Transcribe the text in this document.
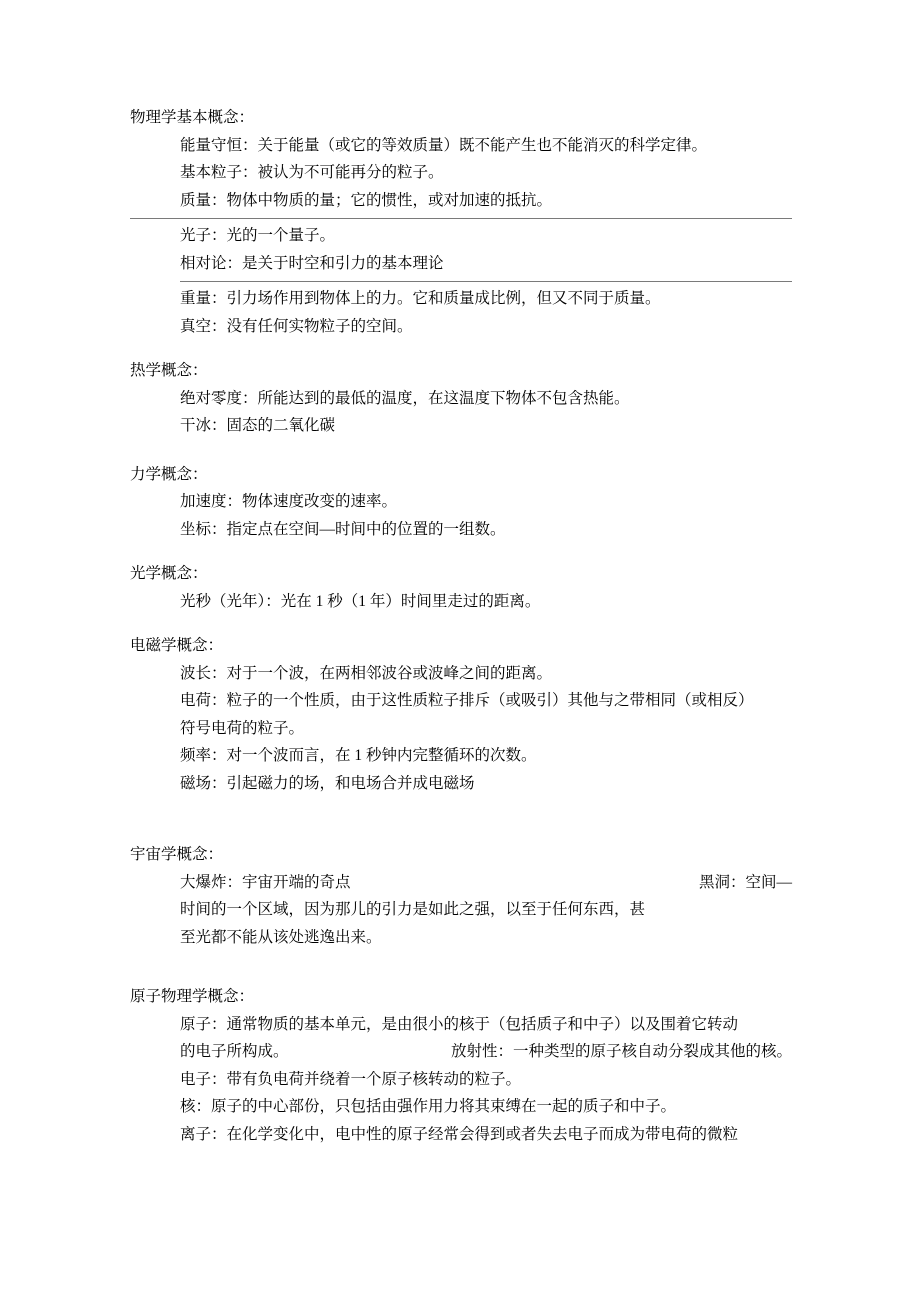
物理学基本概念：
能量守恒：关于能量（或它的等效质量）既不能产生也不能消灭的科学定律。
基本粒子：被认为不可能再分的粒子。
质量：物体中物质的量；它的惯性，或对加速的抵抗。
光子：光的一个量子。
相对论：是关于时空和引力的基本理论
重量：引力场作用到物体上的力。它和质量成比例，但又不同于质量。
真空：没有任何实物粒子的空间。
热学概念：
绝对零度：所能达到的最低的温度，在这温度下物体不包含热能。
干冰：固态的二氧化碳
力学概念：
加速度：物体速度改变的速率。
坐标：指定点在空间—时间中的位置的一组数。
光学概念：
光秒（光年）：光在 1 秒（1 年）时间里走过的距离。
电磁学概念：
波长：对于一个波，在两相邻波谷或波峰之间的距离。
电荷：粒子的一个性质，由于这性质粒子排斥（或吸引）其他与之带相同（或相反）
符号电荷的粒子。
频率：对一个波而言，在 1 秒钟内完整循环的次数。
磁场：引起磁力的场，和电场合并成电磁场
宇宙学概念：
大爆炸：宇宙开端的奇点	黑洞：空间—
时间的一个区域，因为那儿的引力是如此之强，以至于任何东西，甚
至光都不能从该处逃逸出来。
原子物理学概念：
原子：通常物质的基本单元，是由很小的核于（包括质子和中子）以及围着它转动
的电子所构成。	放射性：一种类型的原子核自动分裂成其他的核。
电子：带有负电荷并绕着一个原子核转动的粒子。
核：原子的中心部份，只包括由强作用力将其束缚在一起的质子和中子。
离子：在化学变化中，电中性的原子经常会得到或者失去电子而成为带电荷的微粒
